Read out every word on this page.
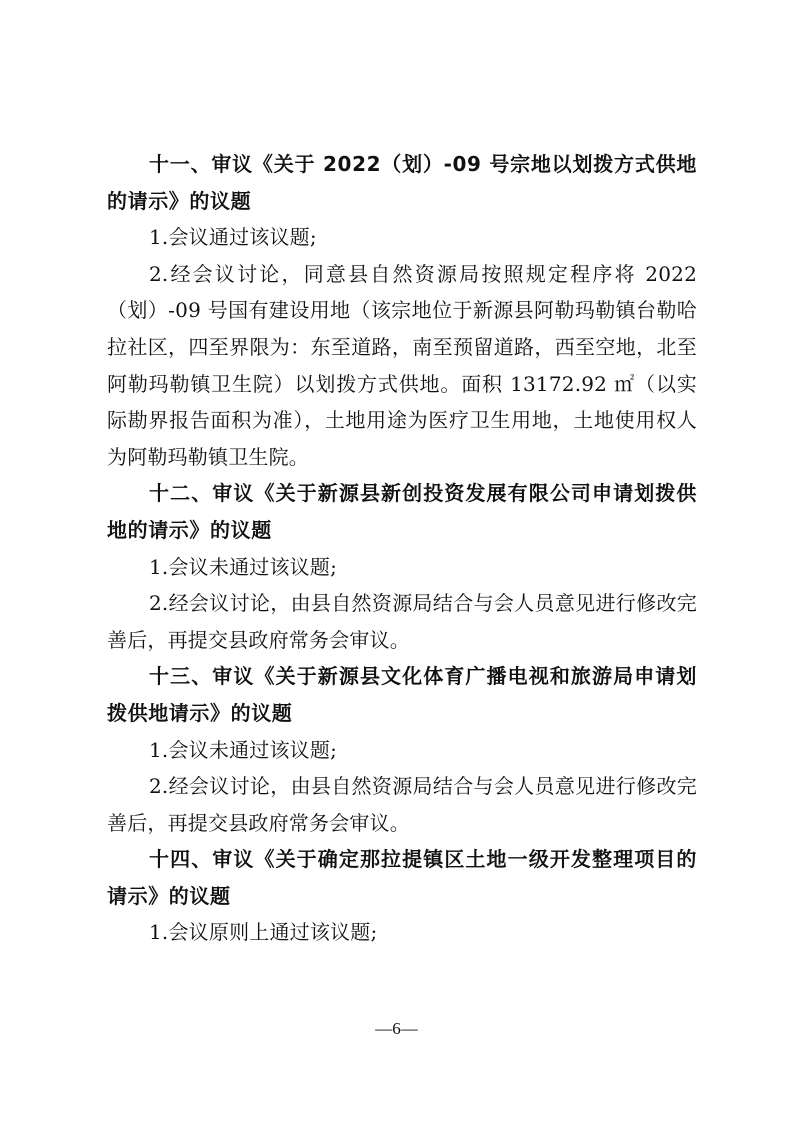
十一、审议《关于 2022（划）-09 号宗地以划拨方式供地的请示》的议题

1.会议通过该议题;

2.经会议讨论，同意县自然资源局按照规定程序将 2022（划）-09 号国有建设用地（该宗地位于新源县阿勒玛勒镇台勒哈拉社区，四至界限为：东至道路，南至预留道路，西至空地，北至阿勒玛勒镇卫生院）以划拨方式供地。面积 13172.92 ㎡（以实际勘界报告面积为准），土地用途为医疗卫生用地，土地使用权人为阿勒玛勒镇卫生院。

十二、审议《关于新源县新创投资发展有限公司申请划拨供地的请示》的议题

1.会议未通过该议题;

2.经会议讨论，由县自然资源局结合与会人员意见进行修改完善后，再提交县政府常务会审议。

十三、审议《关于新源县文化体育广播电视和旅游局申请划拨供地请示》的议题

1.会议未通过该议题;

2.经会议讨论，由县自然资源局结合与会人员意见进行修改完善后，再提交县政府常务会审议。

十四、审议《关于确定那拉提镇区土地一级开发整理项目的请示》的议题

1.会议原则上通过该议题;

—6—
